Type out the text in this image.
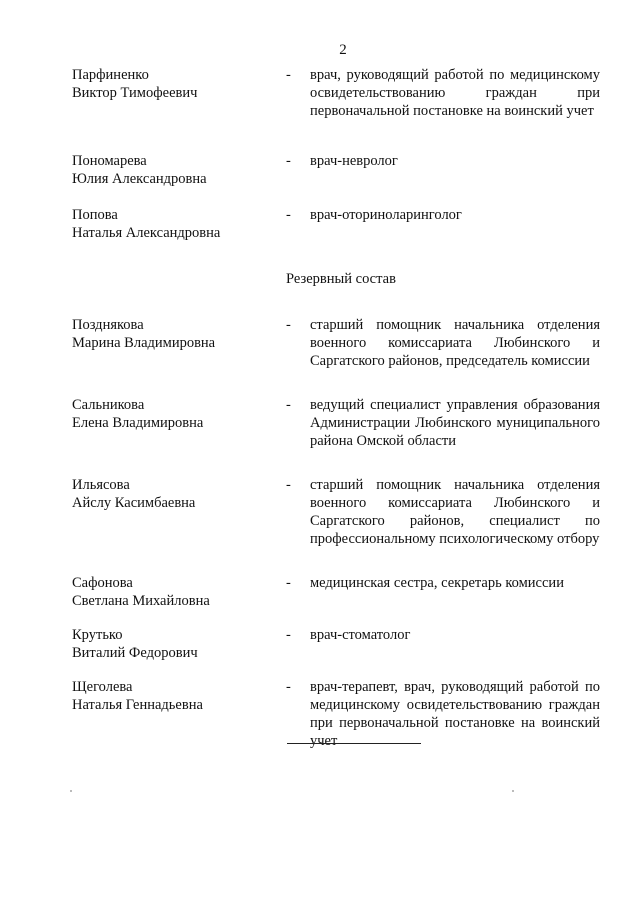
2
Парфиненко
Виктор Тимофеевич
-	врач, руководящий работой по медицинскому освидетельствованию граждан при первоначальной постановке на воинский учет
Пономарева
Юлия Александровна
-	врач-невролог
Попова
Наталья Александровна
-	врач-оториноларинголог
Резервный состав
Позднякова
Марина Владимировна
-	старший помощник начальника отделения военного комиссариата Любинского и Саргатского районов, председатель комиссии
Сальникова
Елена Владимировна
-	ведущий специалист управления образования Администрации Любинского муниципального района Омской области
Ильясова
Айслу Касимбаевна
-	старший помощник начальника отделения военного комиссариата Любинского и Саргатского районов, специалист по профессиональному психологическому отбору
Сафонова
Светлана Михайловна
-	медицинская сестра, секретарь комиссии
Крутько
Виталий Федорович
-	врач-стоматолог
Щеголева
Наталья Геннадьевна
-	врач-терапевт, врач, руководящий работой по медицинскому освидетельствованию граждан при первоначальной постановке на воинский учет
